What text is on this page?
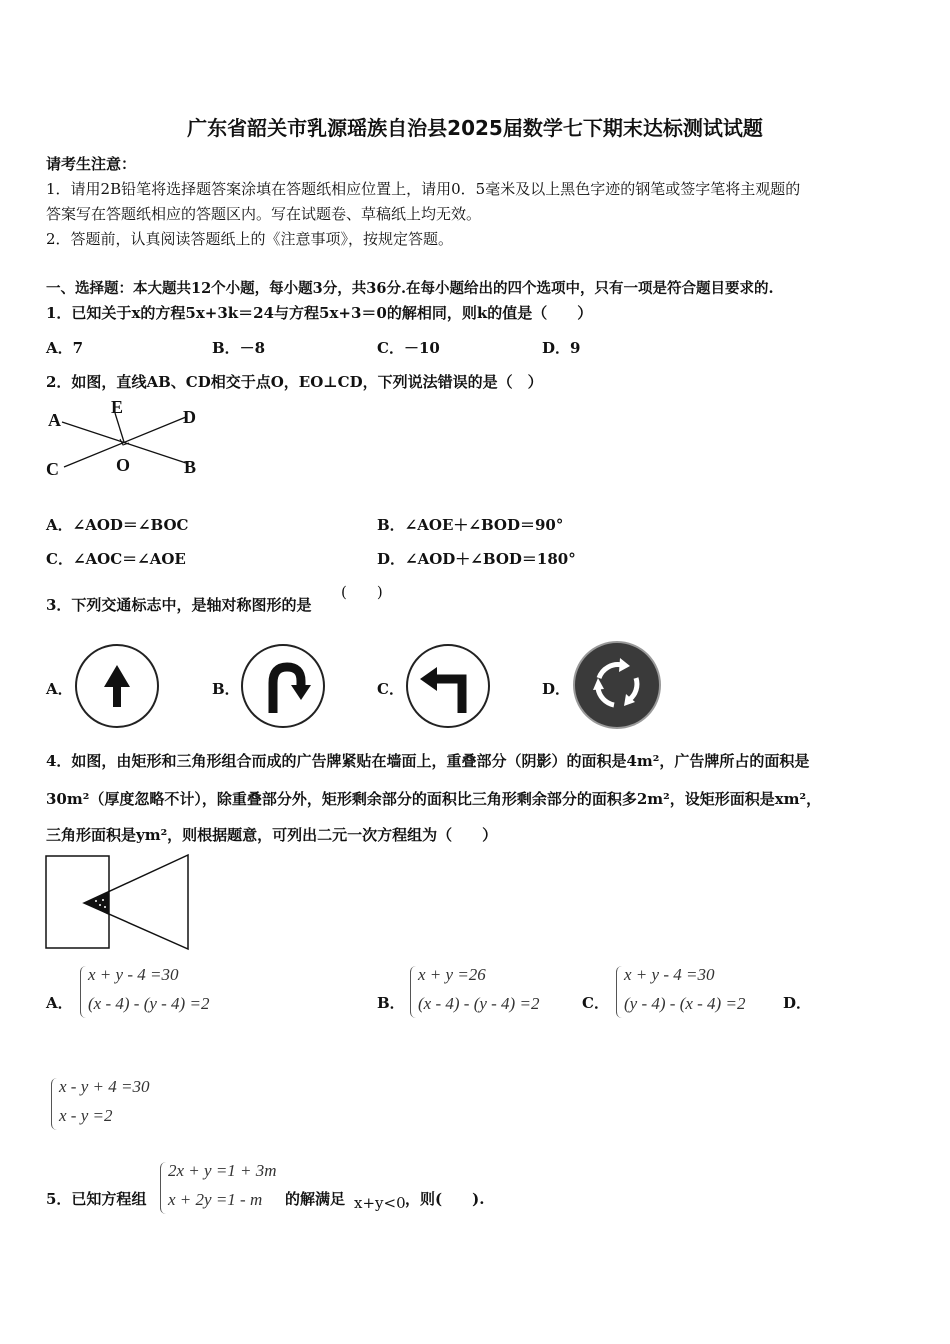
广东省韶关市乳源瑶族自治县2025届数学七下期末达标测试试题
请考生注意：
1．请用2B铅笔将选择题答案涂填在答题纸相应位置上，请用0．5毫米及以上黑色字迹的钢笔或签字笔将主观题的
答案写在答题纸相应的答题区内。写在试题卷、草稿纸上均无效。
2．答题前，认真阅读答题纸上的《注意事项》，按规定答题。
一、选择题：本大题共12个小题，每小题3分，共36分.在每小题给出的四个选项中，只有一项是符合题目要求的.
1．已知关于x的方程5x+3k＝24与方程5x+3＝0的解相同，则k的值是（　　）
A．7	B．－8	C．－10	D．9
2．如图，直线AB、CD相交于点O，EO⊥CD，下列说法错误的是（　）
A
E	D
C	O	B
A．∠AOD＝∠BOC	B．∠AOE＋∠BOD＝90°
C．∠AOC＝∠AOE	D．∠AOD＋∠BOD＝180°
3．下列交通标志中，是轴对称图形的是
(　　)
A．	B．	C．	D．
4．如图，由矩形和三角形组合而成的广告牌紧贴在墙面上，重叠部分（阴影）的面积是4m²，广告牌所占的面积是
30m²（厚度忽略不计），除重叠部分外，矩形剩余部分的面积比三角形剩余部分的面积多2m²，设矩形面积是xm²，
三角形面积是ym²，则根据题意，可列出二元一次方程组为（　　）
A．
x + y - 4 =30
(x - 4) - (y - 4) =2	B．
x + y =26
(x - 4) - (y - 4) =2	C．
x + y - 4 =30
(y - 4) - (x - 4) =2	D．
x - y + 4 =30
x - y =2
5．已知方程组
2x + y =1 + 3m
x + 2y =1 - m 的解满足 x+y<0 ，则(　　).
